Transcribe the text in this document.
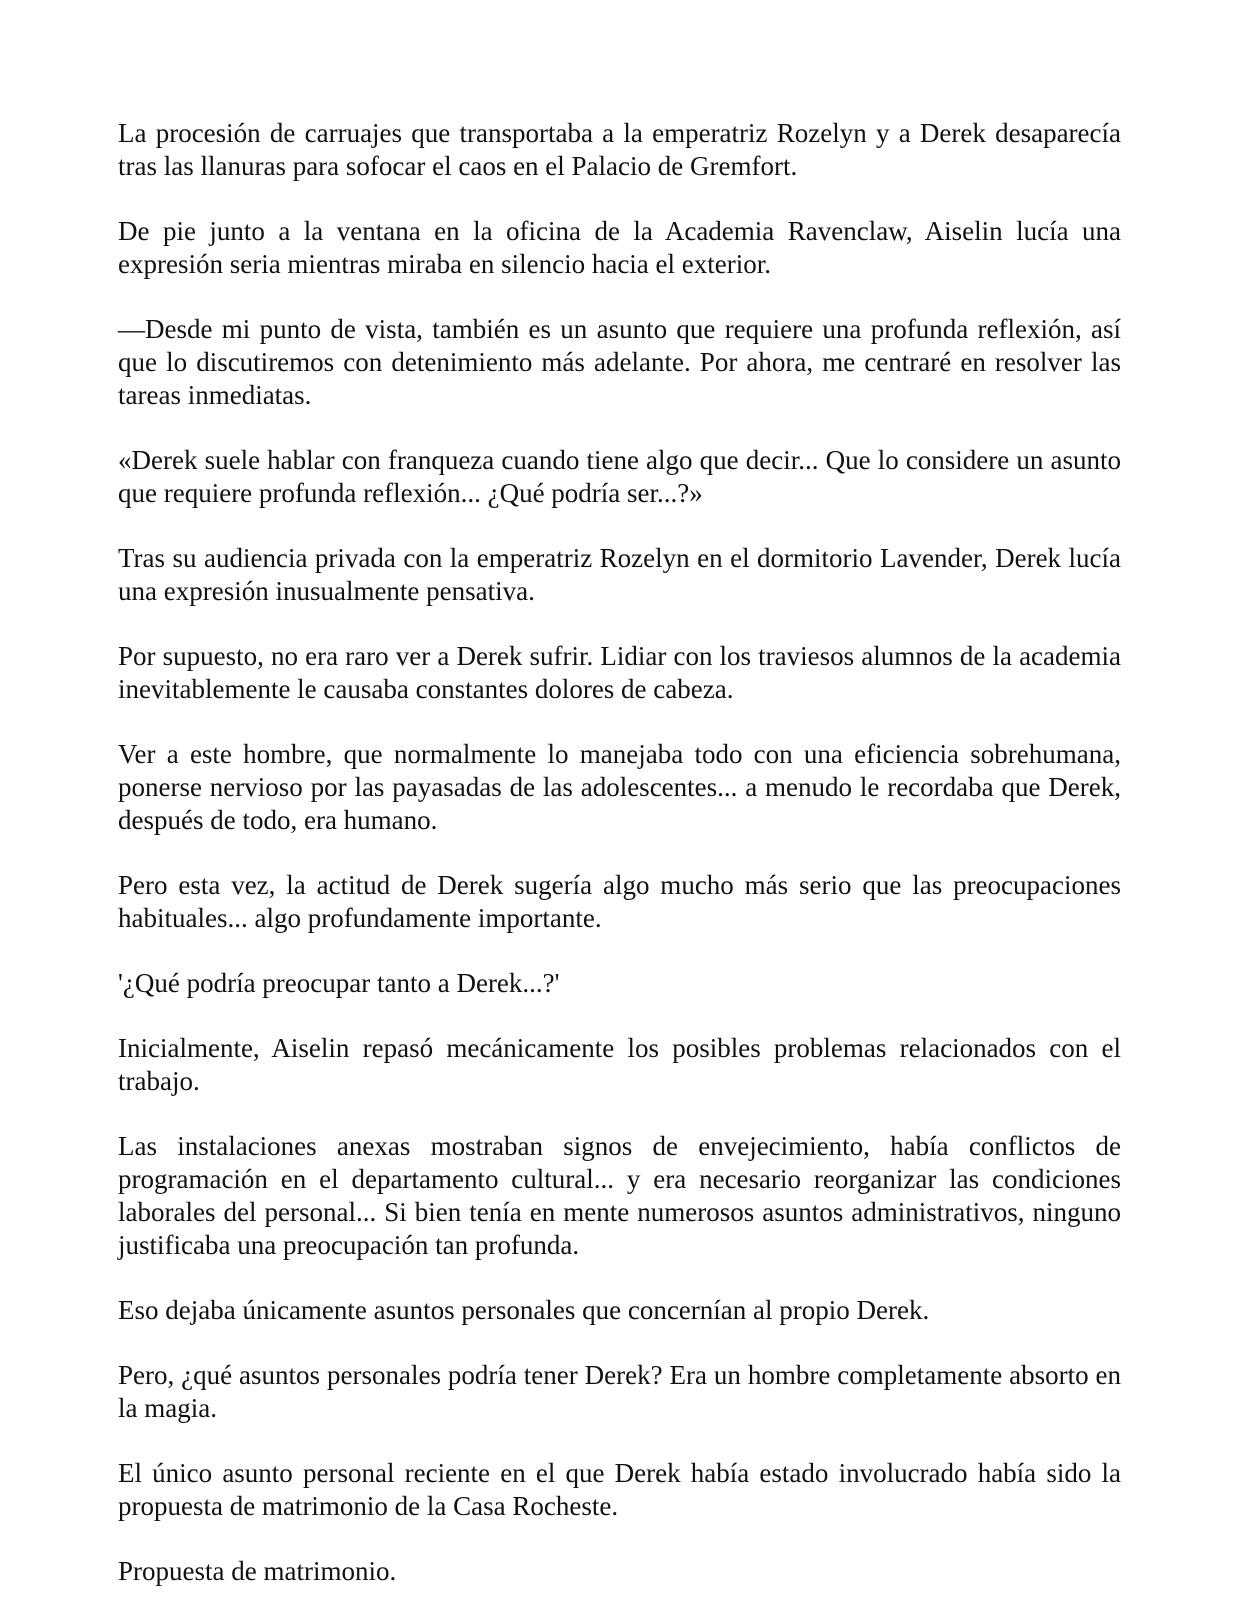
La procesión de carruajes que transportaba a la emperatriz Rozelyn y a Derek desaparecía tras las llanuras para sofocar el caos en el Palacio de Gremfort.

De pie junto a la ventana en la oficina de la Academia Ravenclaw, Aiselin lucía una expresión seria mientras miraba en silencio hacia el exterior.

—Desde mi punto de vista, también es un asunto que requiere una profunda reflexión, así que lo discutiremos con detenimiento más adelante. Por ahora, me centraré en resolver las tareas inmediatas.

«Derek suele hablar con franqueza cuando tiene algo que decir... Que lo considere un asunto que requiere profunda reflexión... ¿Qué podría ser...?»

Tras su audiencia privada con la emperatriz Rozelyn en el dormitorio Lavender, Derek lucía una expresión inusualmente pensativa.

Por supuesto, no era raro ver a Derek sufrir. Lidiar con los traviesos alumnos de la academia inevitablemente le causaba constantes dolores de cabeza.

Ver a este hombre, que normalmente lo manejaba todo con una eficiencia sobrehumana, ponerse nervioso por las payasadas de las adolescentes... a menudo le recordaba que Derek, después de todo, era humano.

Pero esta vez, la actitud de Derek sugería algo mucho más serio que las preocupaciones habituales... algo profundamente importante.

'¿Qué podría preocupar tanto a Derek...?'

Inicialmente, Aiselin repasó mecánicamente los posibles problemas relacionados con el trabajo.

Las instalaciones anexas mostraban signos de envejecimiento, había conflictos de programación en el departamento cultural... y era necesario reorganizar las condiciones laborales del personal... Si bien tenía en mente numerosos asuntos administrativos, ninguno justificaba una preocupación tan profunda.

Eso dejaba únicamente asuntos personales que concernían al propio Derek.

Pero, ¿qué asuntos personales podría tener Derek? Era un hombre completamente absorto en la magia.

El único asunto personal reciente en el que Derek había estado involucrado había sido la propuesta de matrimonio de la Casa Rocheste.

Propuesta de matrimonio.
